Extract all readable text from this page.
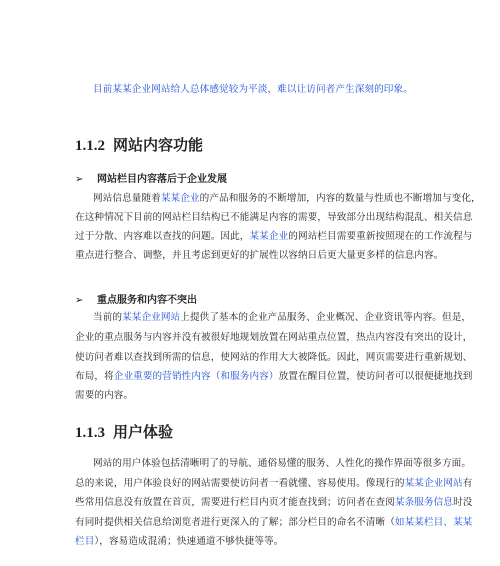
目前某某企业网站给人总体感觉较为平淡，难以让访问者产生深刻的印象。
1.1.2 网站内容功能
➢ 网站栏目内容落后于企业发展
网站信息量随着某某企业的产品和服务的不断增加，内容的数量与性质也不断增加与变化，
在这种情况下目前的网站栏目结构已不能满足内容的需要，导致部分出现结构混乱、相关信息
过于分散、内容难以查找的问题。因此，某某企业的网站栏目需要重新按照现在的工作流程与
重点进行整合、调整，并且考虑到更好的扩展性以容纳日后更大量更多样的信息内容。
➢ 重点服务和内容不突出
当前的某某企业网站上提供了基本的企业产品服务、企业概况、企业资讯等内容。但是，
企业的重点服务与内容并没有被很好地规划放置在网站重点位置，热点内容没有突出的设计，
使访问者难以查找到所需的信息，使网站的作用大大被降低。因此，网页需要进行重新规划、
布局，将企业重要的营销性内容（和服务内容）放置在醒目位置，使访问者可以很便捷地找到
需要的内容。
1.1.3 用户体验
网站的用户体验包括清晰明了的导航、通俗易懂的服务、人性化的操作界面等很多方面。
总的来说，用户体验良好的网站需要使访问者一看就懂、容易使用。像现行的某某企业网站有
些常用信息没有放置在首页，需要进行栏目内页才能查找到；访问者在查阅某条服务信息时没
有同时提供相关信息给浏览者进行更深入的了解；部分栏目的命名不清晰（如某某栏目、某某
栏目），容易造成混淆；快速通道不够快捷等等。
